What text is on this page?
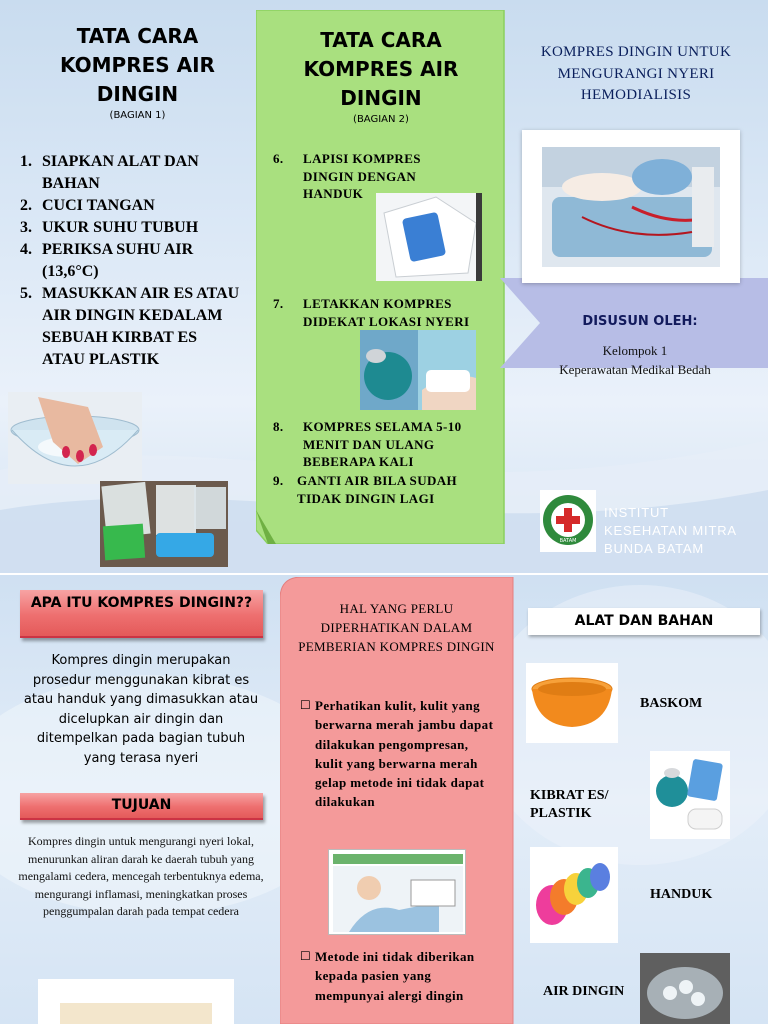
TATA CARA KOMPRES AIR DINGIN
(BAGIAN 1)
1. SIAPKAN ALAT DAN BAHAN
2. CUCI TANGAN
3. UKUR SUHU TUBUH
4. PERIKSA SUHU AIR (13,6°C)
5. MASUKKAN AIR ES ATAU AIR DINGIN KEDALAM SEBUAH KIRBAT ES ATAU PLASTIK
TATA CARA KOMPRES AIR DINGIN
(BAGIAN 2)
6.	LAPISI KOMPRES DINGIN DENGAN HANDUK
7.	LETAKKAN KOMPRES DIDEKAT LOKASI NYERI
8.	KOMPRES SELAMA 5-10 MENIT DAN ULANG BEBERAPA KALI
9.	GANTI AIR BILA SUDAH TIDAK DINGIN LAGI
KOMPRES DINGIN UNTUK MENGURANGI NYERI HEMODIALISIS
DISUSUN OLEH:
Kelompok 1
Keperawatan Medikal Bedah
BATAM
INSTITUT KESEHATAN MITRA BUNDA BATAM
APA ITU KOMPRES DINGIN??
Kompres dingin merupakan prosedur menggunakan kibrat es atau handuk yang dimasukkan atau dicelupkan air dingin dan ditempelkan pada bagian tubuh yang terasa nyeri
TUJUAN
Kompres dingin untuk mengurangi nyeri lokal, menurunkan aliran darah ke daerah tubuh yang mengalami cedera, mencegah terbentuknya edema, mengurangi inflamasi, meningkatkan proses penggumpalan darah pada tempat cedera
HAL YANG PERLU DIPERHATIKAN DALAM PEMBERIAN KOMPRES DINGIN
☐ Perhatikan kulit, kulit yang berwarna merah jambu dapat dilakukan pengompresan, kulit yang berwarna merah gelap metode ini tidak dapat dilakukan
☐ Metode ini tidak diberikan kepada pasien yang mempunyai alergi dingin
ALAT DAN BAHAN
BASKOM
KIBRAT ES/ PLASTIK
HANDUK
AIR DINGIN
